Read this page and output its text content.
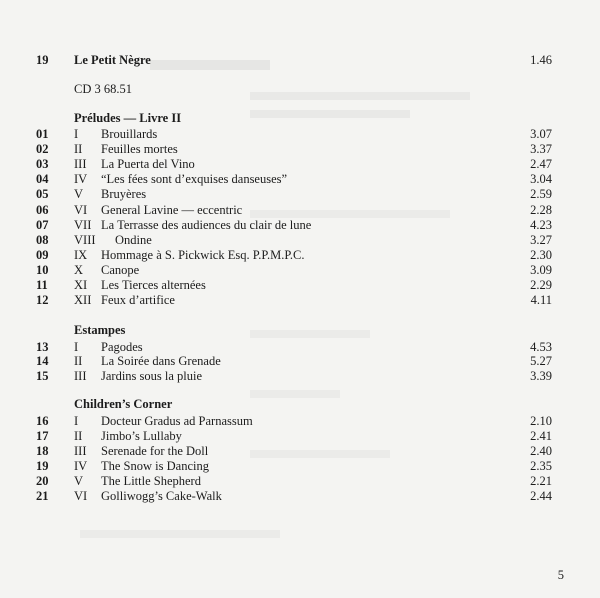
19 Le Petit Nègre	1.46
CD 3 68.51
Préludes — Livre II
01 I Brouillards	3.07
02 II Feuilles mortes	3.37
03 III La Puerta del Vino	2.47
04 IV “Les fées sont d’exquises danseuses”	3.04
05 V Bruyères	2.59
06 VI General Lavine — eccentric	2.28
07 VII La Terrasse des audiences du clair de lune	4.23
08 VIII Ondine	3.27
09 IX Hommage à S. Pickwick Esq. P.P.M.P.C.	2.30
10 X Canope	3.09
11 XI Les Tierces alternées	2.29
12 XII Feux d’artifice	4.11
Estampes
13 I Pagodes	4.53
14 II La Soirée dans Grenade	5.27
15 III Jardins sous la pluie	3.39
Children’s Corner
16 I Docteur Gradus ad Parnassum	2.10
17 II Jimbo’s Lullaby	2.41
18 III Serenade for the Doll	2.40
19 IV The Snow is Dancing	2.35
20 V The Little Shepherd	2.21
21 VI Golliwogg’s Cake-Walk	2.44
5
